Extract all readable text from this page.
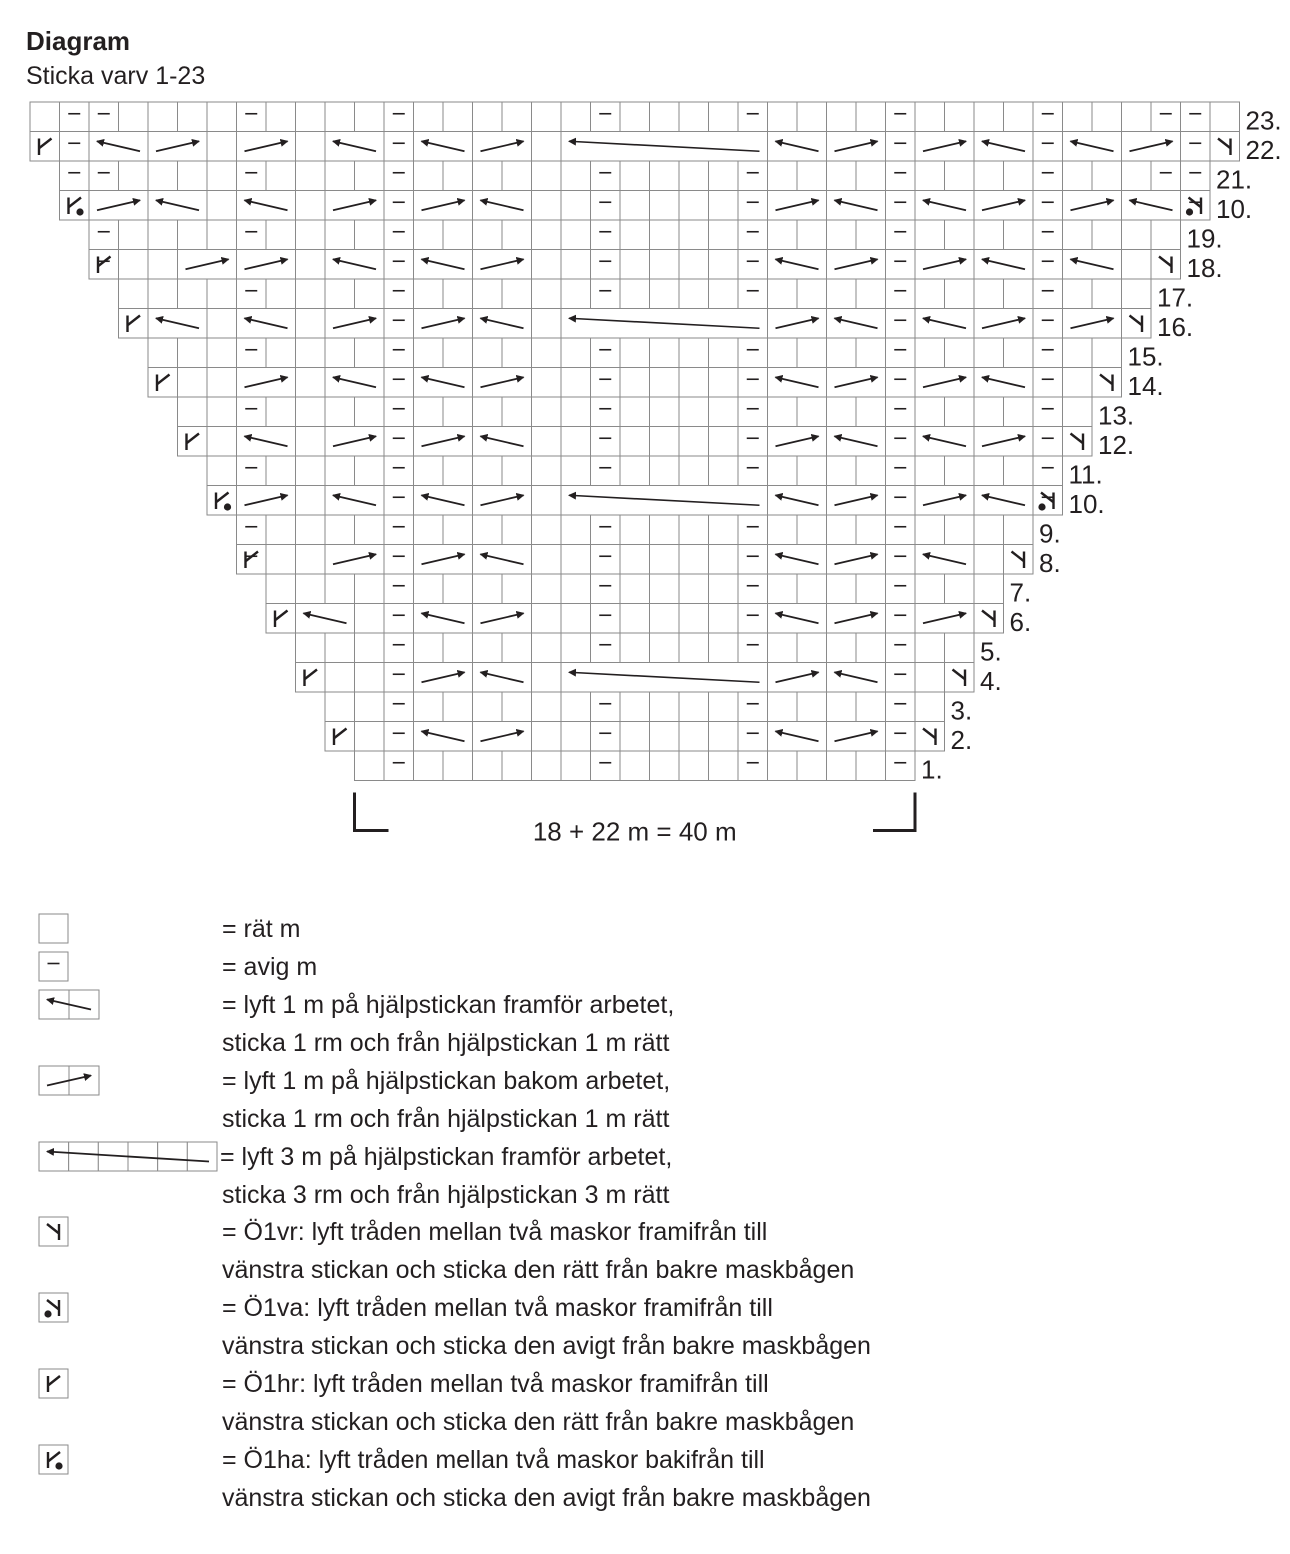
Diagram
Sticka varv 1-23
23.
22.
21.
10.
19.
18.
17.
16.
15.
14.
13.
12.
11.
10.
9.
8.
7.
6.
5.
4.
3.
2.
1.
18 + 22 m = 40 m
= rät m
= avig m
= lyft 1 m på hjälpstickan framför arbetet,
sticka 1 rm och från hjälpstickan 1 m rätt
= lyft 1 m på hjälpstickan bakom arbetet,
sticka 1 rm och från hjälpstickan 1 m rätt
= lyft 3 m på hjälpstickan framför arbetet,
sticka 3 rm och från hjälpstickan 3 m rätt
= Ö1vr: lyft tråden mellan två maskor framifrån till
vänstra stickan och sticka den rätt från bakre maskbågen
= Ö1va: lyft tråden mellan två maskor framifrån till
vänstra stickan och sticka den avigt från bakre maskbågen
= Ö1hr: lyft tråden mellan två maskor framifrån till
vänstra stickan och sticka den rätt från bakre maskbågen
= Ö1ha: lyft tråden mellan två maskor bakifrån till
vänstra stickan och sticka den avigt från bakre maskbågen
